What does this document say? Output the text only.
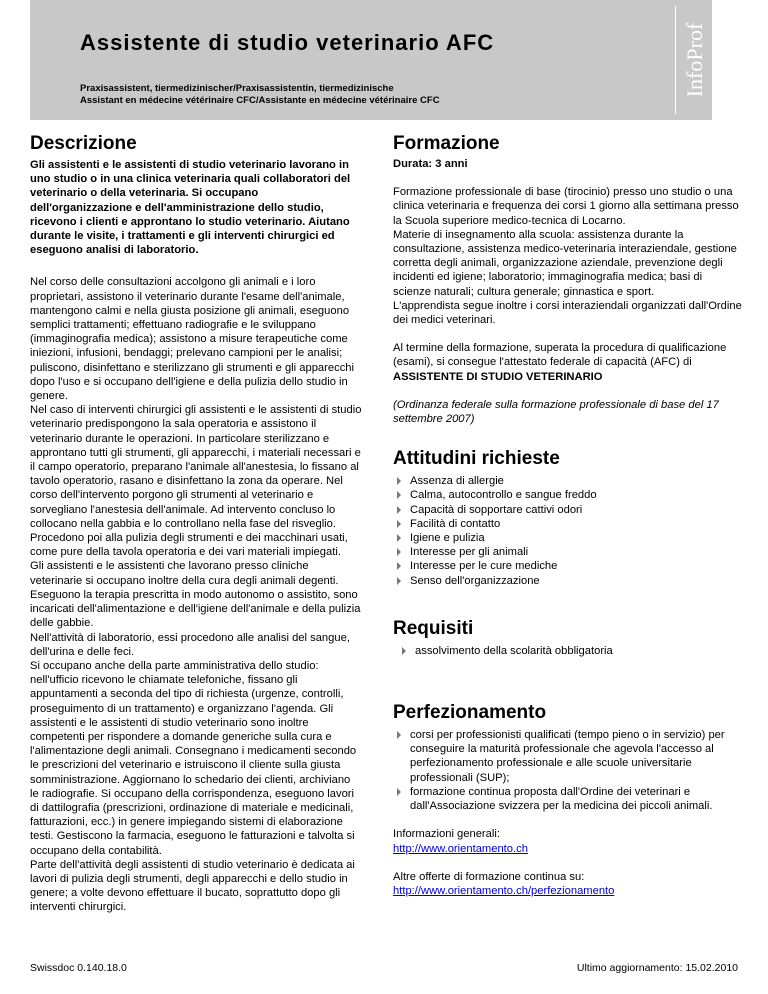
Assistente di studio veterinario AFC
Praxisassistent, tiermedizinischer/Praxisassistentin, tiermedizinische
Assistant en médecine vétérinaire CFC/Assistante en médecine vétérinaire CFC
InfoProf
Descrizione

Gli assistenti e le assistenti di studio veterinario lavorano in uno studio o in una clinica veterinaria quali collaboratori del veterinario o della veterinaria. Si occupano dell'organizzazione e dell'amministrazione dello studio, ricevono i clienti e approntano lo studio veterinario. Aiutano durante le visite, i trattamenti e gli interventi chirurgici ed eseguono analisi di laboratorio.

Nel corso delle consultazioni accolgono gli animali e i loro proprietari, assistono il veterinario durante l'esame dell'animale, mantengono calmi e nella giusta posizione gli animali, eseguono semplici trattamenti; effettuano radiografie e le sviluppano (immaginografia medica); assistono a misure terapeutiche come iniezioni, infusioni, bendaggi; prelevano campioni per le analisi; puliscono, disinfettano e sterilizzano gli strumenti e gli apparecchi dopo l'uso e si occupano dell'igiene e della pulizia dello studio in genere.

Nel caso di interventi chirurgici gli assistenti e le assistenti di studio veterinario predispongono la sala operatoria e assistono il veterinario durante le operazioni. In particolare sterilizzano e approntano tutti gli strumenti, gli apparecchi, i materiali necessari e il campo operatorio, preparano l'animale all'anestesia, lo fissano al tavolo operatorio, rasano e disinfettano la zona da operare. Nel corso dell'intervento porgono gli strumenti al veterinario e sorvegliano l'anestesia dell'animale. Ad intervento concluso lo collocano nella gabbia e lo controllano nella fase del risveglio. Procedono poi alla pulizia degli strumenti e dei macchinari usati, come pure della tavola operatoria e dei vari materiali impiegati.

Gli assistenti e le assistenti che lavorano presso cliniche veterinarie si occupano inoltre della cura degli animali degenti. Eseguono la terapia prescritta in modo autonomo o assistito, sono incaricati dell'alimentazione e dell'igiene dell'animale e della pulizia delle gabbie.

Nell'attività di laboratorio, essi procedono alle analisi del sangue, dell'urina e delle feci.

Si occupano anche della parte amministrativa dello studio: nell'ufficio ricevono le chiamate telefoniche, fissano gli appuntamenti a seconda del tipo di richiesta (urgenze, controlli, proseguimento di un trattamento) e organizzano l'agenda. Gli assistenti e le assistenti di studio veterinario sono inoltre competenti per rispondere a domande generiche sulla cura e l'alimentazione degli animali. Consegnano i medicamenti secondo le prescrizioni del veterinario e istruiscono il cliente sulla giusta somministrazione. Aggiornano lo schedario dei clienti, archiviano le radiografie. Si occupano della corrispondenza, eseguono lavori di dattilografia (prescrizioni, ordinazione di materiale e medicinali, fatturazioni, ecc.) in genere impiegando sistemi di elaborazione testi. Gestiscono la farmacia, eseguono le fatturazioni e talvolta si occupano della contabilità.

Parte dell'attività degli assistenti di studio veterinario è dedicata ai lavori di pulizia degli strumenti, degli apparecchi e dello studio in genere; a volte devono effettuare il bucato, soprattutto dopo gli interventi chirurgici.

Formazione

Durata: 3 anni

Formazione professionale di base (tirocinio) presso uno studio o una clinica veterinaria e frequenza dei corsi 1 giorno alla settimana presso la Scuola superiore medico-tecnica di Locarno.

Materie di insegnamento alla scuola: assistenza durante la consultazione, assistenza medico-veterinaria interaziendale, gestione corretta degli animali, organizzazione aziendale, prevenzione degli incidenti ed igiene; laboratorio; immaginografia medica; basi di scienze naturali; cultura generale; ginnastica e sport.

L'apprendista segue inoltre i corsi interaziendali organizzati dall'Ordine dei medici veterinari.

Al termine della formazione, superata la procedura di qualificazione (esami), si consegue l'attestato federale di capacità (AFC) di

ASSISTENTE DI STUDIO VETERINARIO

(Ordinanza federale sulla formazione professionale di base del 17 settembre 2007)

Attitudini richieste
Assenza di allergie
Calma, autocontrollo e sangue freddo
Capacità di sopportare cattivi odori
Facilità di contatto
Igiene e pulizia
Interesse per gli animali
Interesse per le cure mediche
Senso dell'organizzazione
Requisiti
assolvimento della scolarità obbligatoria
Perfezionamento
corsi per professionisti qualificati (tempo pieno o in servizio) per conseguire la maturità professionale che agevola l'accesso al perfezionamento professionale e alle scuole universitarie professionali (SUP);
formazione continua proposta dall'Ordine dei veterinari e dall'Associazione svizzera per la medicina dei piccoli animali.

Informazioni generali:

http://www.orientamento.ch

Altre offerte di formazione continua su:

http://www.orientamento.ch/perfezionamento

Swissdoc 0.140.18.0	Ultimo aggiornamento: 15.02.2010
